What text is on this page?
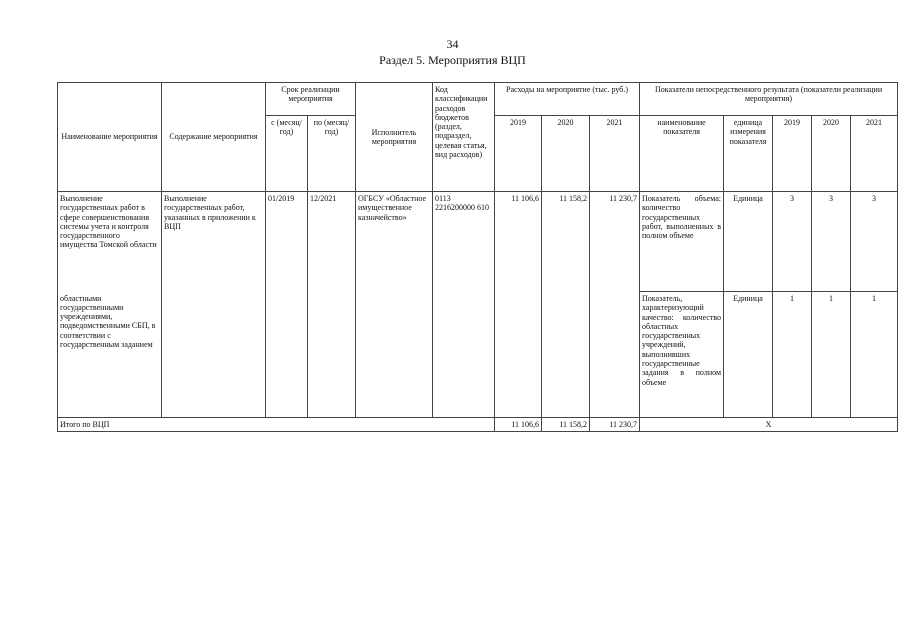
34
Раздел 5. Мероприятия ВЦП
Наименование мероприятия	Содержание мероприятия	Срок реализации мероприятия		Исполнитель мероприятия	Код классификации расходов бюджетов (раздел, подраздел, целевая статья, вид расходов)	Расходы на мероприятие (тыс. руб.)			Показатели непосредственного результата (показатели реализации мероприятия)				
		с (месяц/ год)	по (месяц/ год)			2019	2020	2021	наименование показателя	единица измерения показателя	2019	2020	2021
Выполнение государственных работ в сфере совершенствования системы учета и контроля государственного имущества Томской области	Выполнение государственных работ, указанных в приложении к ВЦП	01/2019	12/2021	ОГБСУ «Областное имущественное казначейство»	0113 2216200000 610	11 106,6	11 158,2	11 230,7	Показатель объема: количество государственных работ, выполненных в полном объеме	Единица	3	3	3
областными государственными учреждениями, подведомственными СБП, в соответствии с государственным заданием									Показатель, характеризующий качество: количество областных государственных учреждений, выполнивших государственные задания в полном объеме	Единица	1	1	1
Итого по ВЦП						11 106,6	11 158,2	11 230,7	Х				
